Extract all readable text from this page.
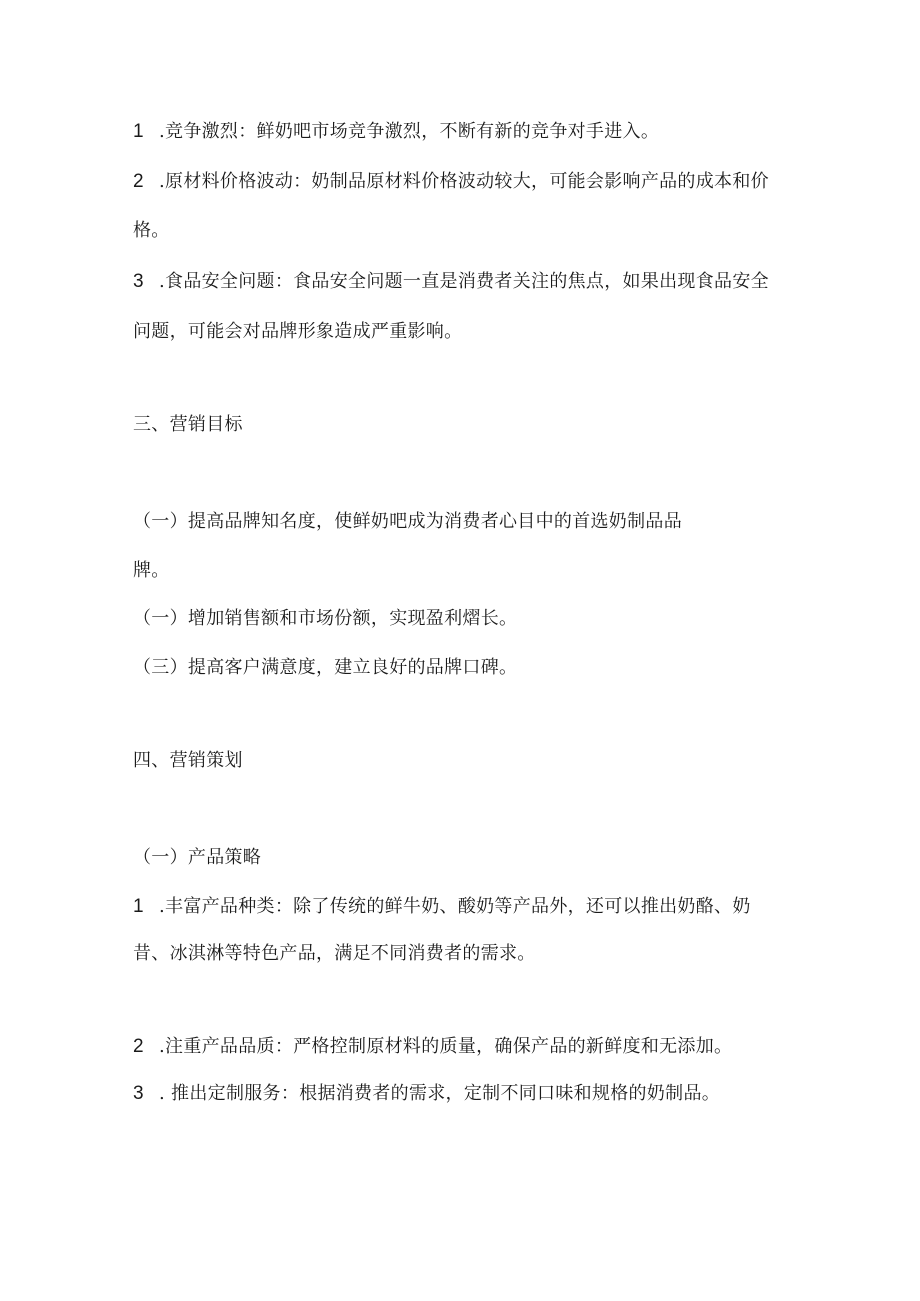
1 .竞争激烈：鲜奶吧市场竞争激烈，不断有新的竞争对手进入。
2 .原材料价格波动：奶制品原材料价格波动较大，可能会影响产品的成本和价
格。
3 .食品安全问题：食品安全问题一直是消费者关注的焦点，如果出现食品安全
问题，可能会对品牌形象造成严重影响。
三、营销目标
（一）提高品牌知名度，使鲜奶吧成为消费者心目中的首选奶制品品
牌。
（一）增加销售额和市场份额，实现盈利熠长。
（三）提高客户满意度，建立良好的品牌口碑。
四、营销策划
（一）产品策略
1 .丰富产品种类：除了传统的鲜牛奶、酸奶等产品外，还可以推出奶酪、奶
昔、冰淇淋等特色产品，满足不同消费者的需求。
2 .注重产品品质：严格控制原材料的质量，确保产品的新鲜度和无添加。
3 . 推出定制服务：根据消费者的需求，定制不同口味和规格的奶制品。
